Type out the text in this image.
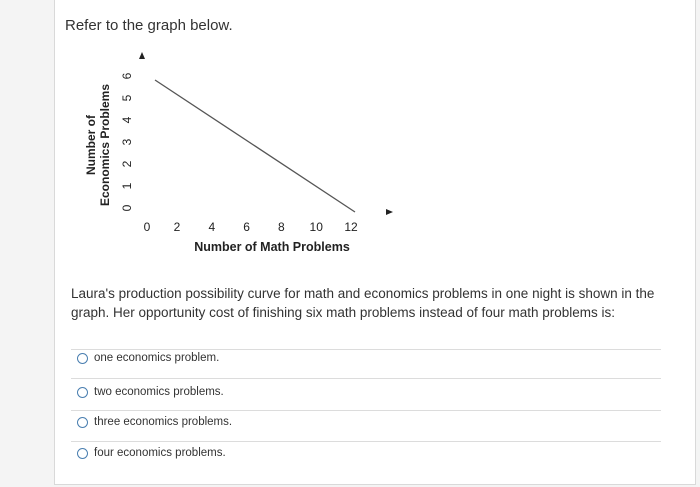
Refer to the graph below.
Number of Economics Problems
0
1
2
3
4
5
6
0 2 4 6 8 10 12
Number of Math Problems
Laura's production possibility curve for math and economics problems in one night is shown in the graph. Her opportunity cost of finishing six math problems instead of four math problems is:
one economics problem.
two economics problems.
three economics problems.
four economics problems.
